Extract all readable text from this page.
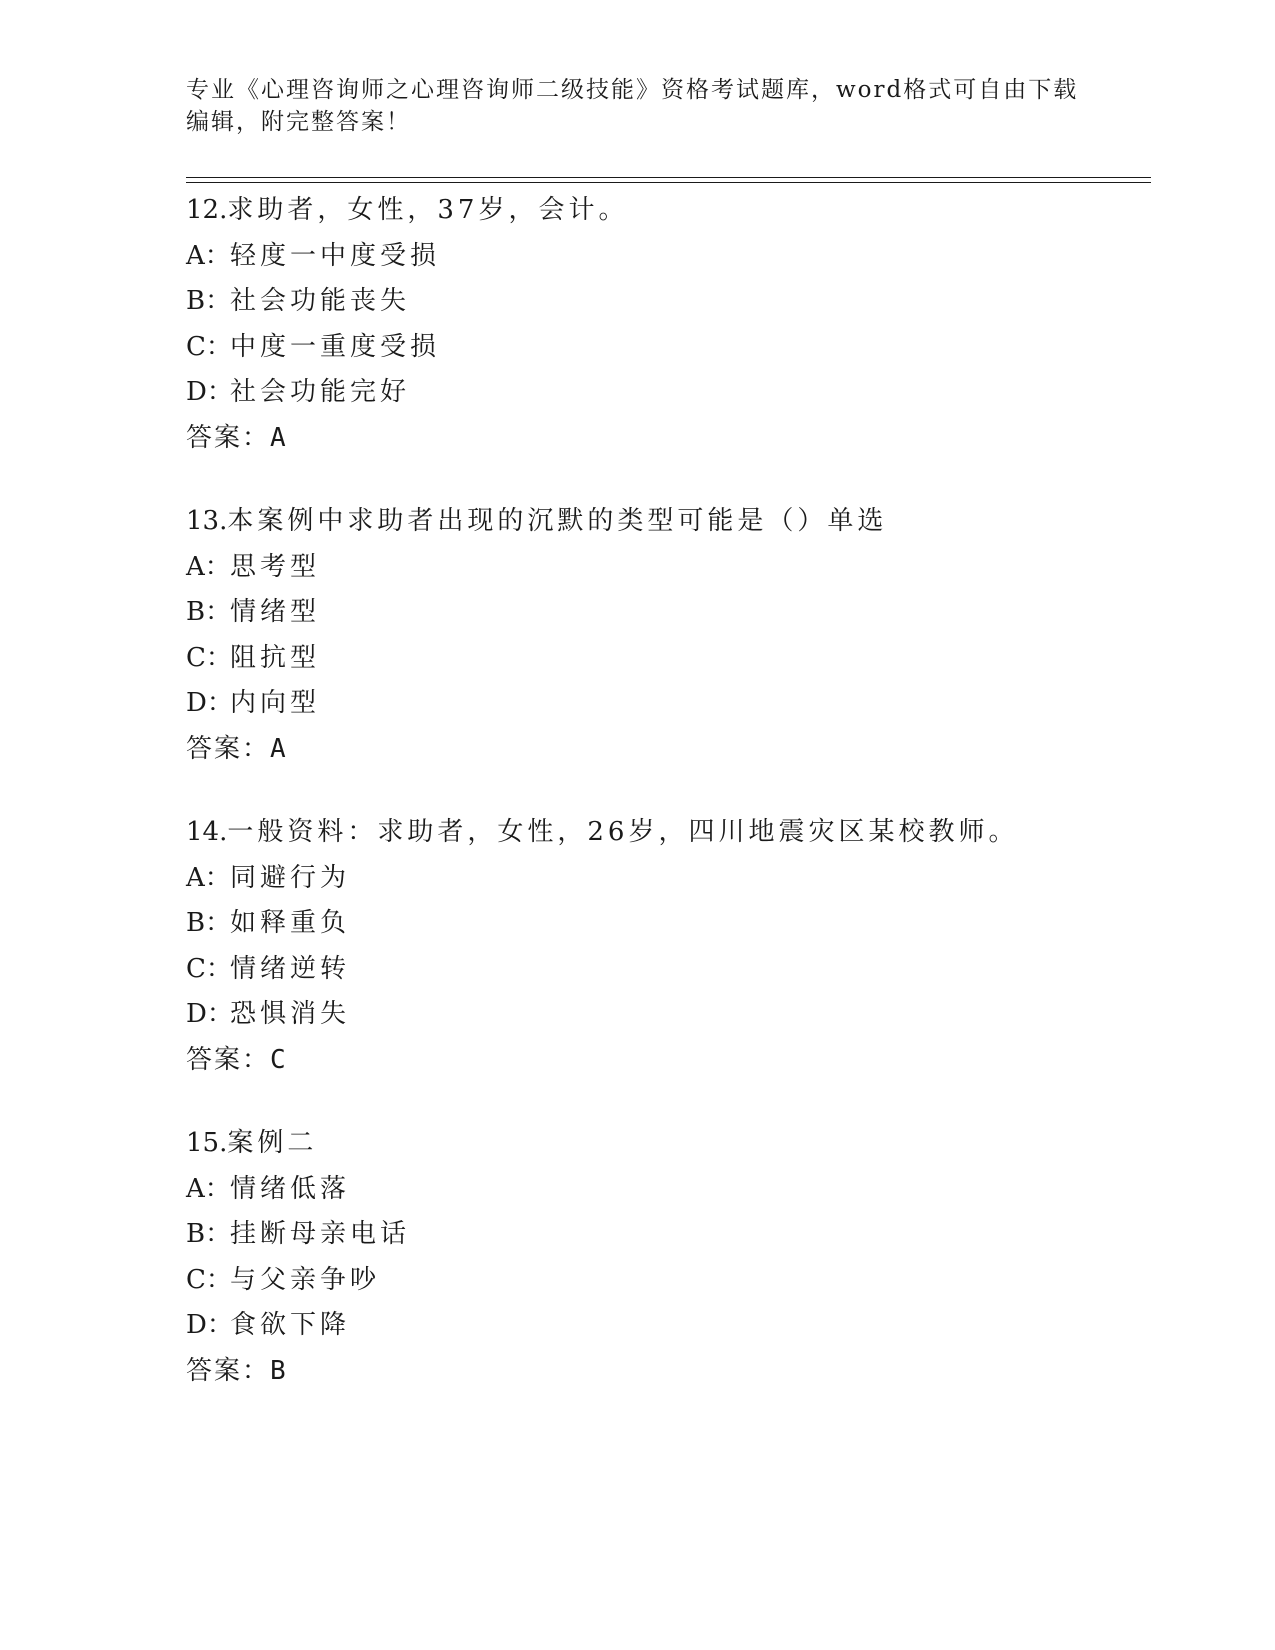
专业《心理咨询师之心理咨询师二级技能》资格考试题库，word格式可自由下载
编辑，附完整答案！
12.求助者，女性，37岁，会计。
A：轻度一中度受损
B：社会功能丧失
C：中度一重度受损
D：社会功能完好
答案：A
13.本案例中求助者出现的沉默的类型可能是（）单选
A：思考型
B：情绪型
C：阻抗型
D：内向型
答案：A
14.一般资料：求助者，女性，26岁，四川地震灾区某校教师。
A：同避行为
B：如释重负
C：情绪逆转
D：恐惧消失
答案：C
15.案例二
A：情绪低落
B：挂断母亲电话
C：与父亲争吵
D：食欲下降
答案：B
